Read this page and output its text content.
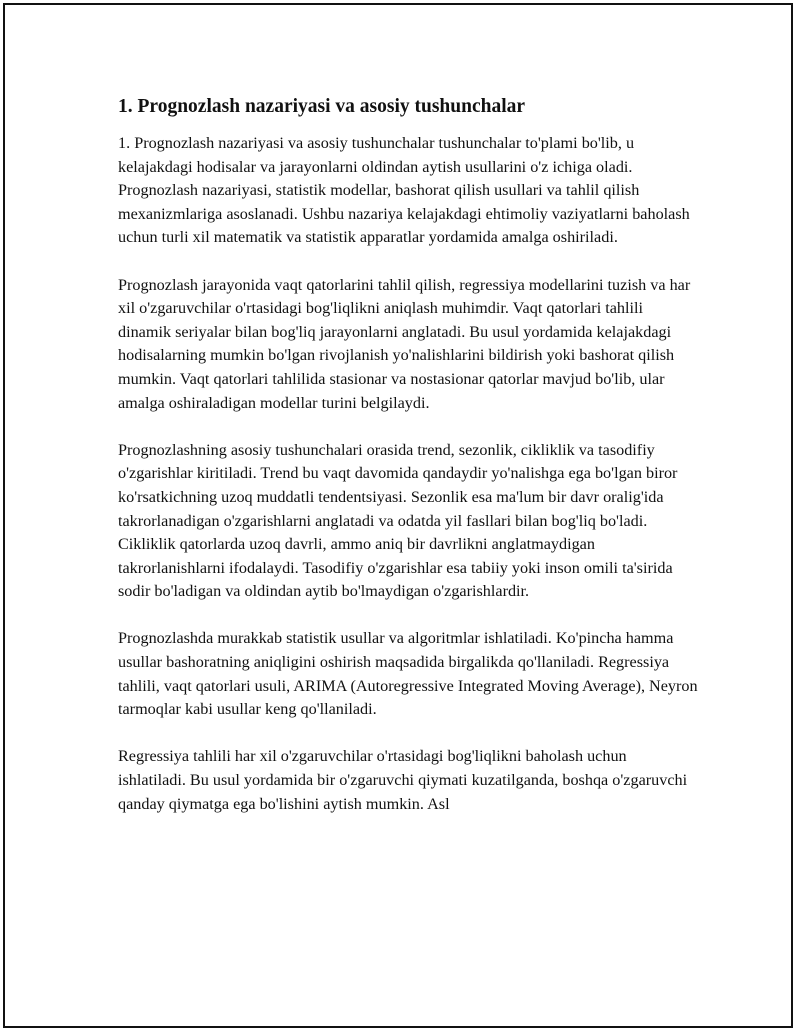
1. Prognozlash nazariyasi va asosiy tushunchalar

1. Prognozlash nazariyasi va asosiy tushunchalar tushunchalar to'plami bo'lib, u kelajakdagi hodisalar va jarayonlarni oldindan aytish usullarini o'z ichiga oladi. Prognozlash nazariyasi, statistik modellar, bashorat qilish usullari va tahlil qilish mexanizmlariga asoslanadi. Ushbu nazariya kelajakdagi ehtimoliy vaziyatlarni baholash uchun turli xil matematik va statistik apparatlar yordamida amalga oshiriladi.

Prognozlash jarayonida vaqt qatorlarini tahlil qilish, regressiya modellarini tuzish va har xil o'zgaruvchilar o'rtasidagi bog'liqlikni aniqlash muhimdir. Vaqt qatorlari tahlili dinamik seriyalar bilan bog'liq jarayonlarni anglatadi. Bu usul yordamida kelajakdagi hodisalarning mumkin bo'lgan rivojlanish yo'nalishlarini bildirish yoki bashorat qilish mumkin. Vaqt qatorlari tahlilida stasionar va nostasionar qatorlar mavjud bo'lib, ular amalga oshiraladigan modellar turini belgilaydi.

Prognozlashning asosiy tushunchalari orasida trend, sezonlik, cikliklik va tasodifiy o'zgarishlar kiritiladi. Trend bu vaqt davomida qandaydir yo'nalishga ega bo'lgan biror ko'rsatkichning uzoq muddatli tendentsiyasi. Sezonlik esa ma'lum bir davr oralig'ida takrorlanadigan o'zgarishlarni anglatadi va odatda yil fasllari bilan bog'liq bo'ladi. Cikliklik qatorlarda uzoq davrli, ammo aniq bir davrlikni anglatmaydigan takrorlanishlarni ifodalaydi. Tasodifiy o'zgarishlar esa tabiiy yoki inson omili ta'sirida sodir bo'ladigan va oldindan aytib bo'lmaydigan o'zgarishlardir.

Prognozlashda murakkab statistik usullar va algoritmlar ishlatiladi. Ko'pincha hamma usullar bashoratning aniqligini oshirish maqsadida birgalikda qo'llaniladi. Regressiya tahlili, vaqt qatorlari usuli, ARIMA (Autoregressive Integrated Moving Average), Neyron tarmoqlar kabi usullar keng qo'llaniladi.

Regressiya tahlili har xil o'zgaruvchilar o'rtasidagi bog'liqlikni baholash uchun ishlatiladi. Bu usul yordamida bir o'zgaruvchi qiymati kuzatilganda, boshqa o'zgaruvchi qanday qiymatga ega bo'lishini aytish mumkin. Asl
